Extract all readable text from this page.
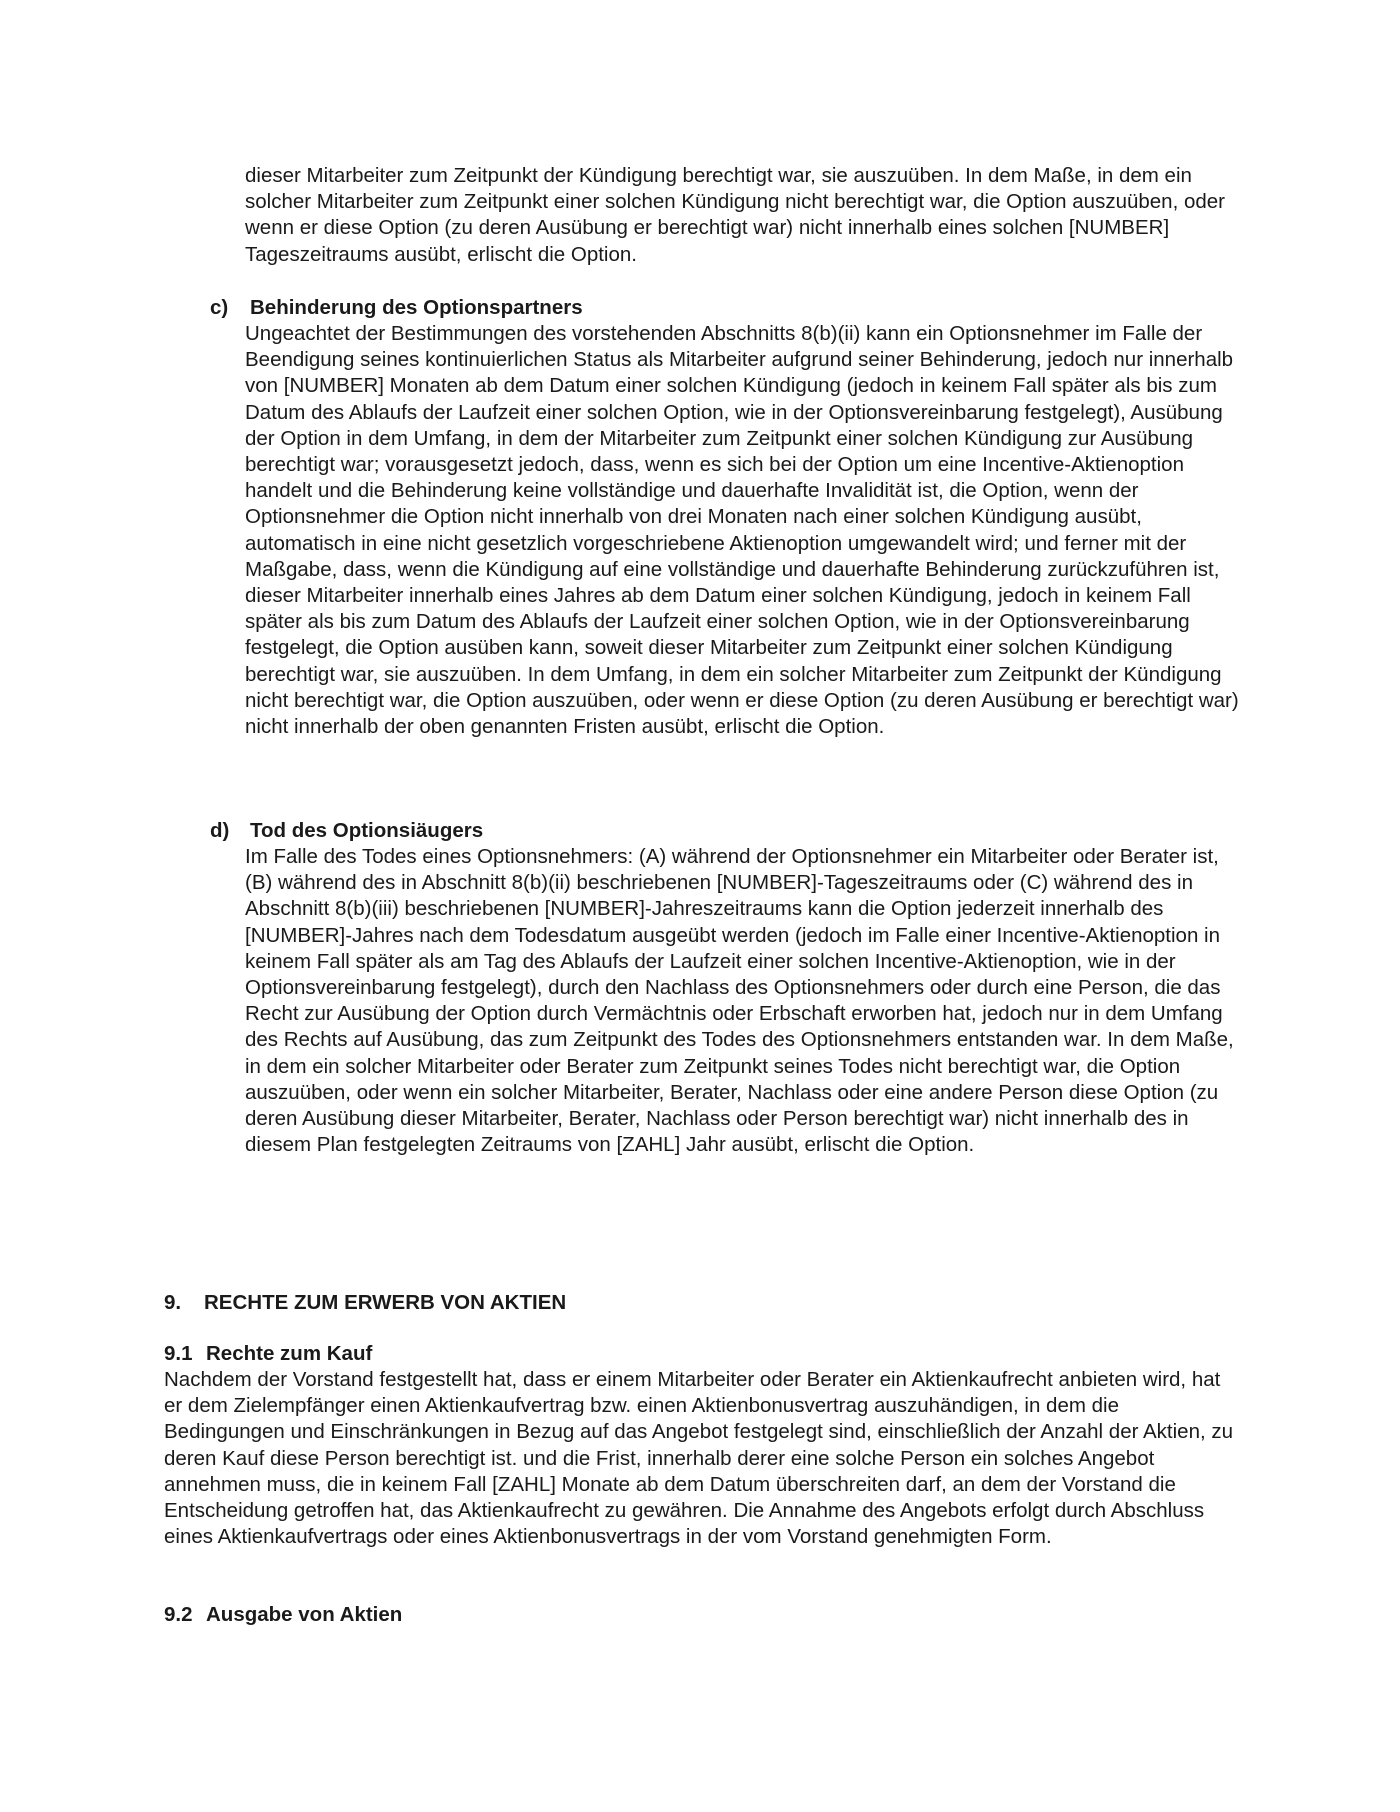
dieser Mitarbeiter zum Zeitpunkt der Kündigung berechtigt war, sie auszuüben. In dem Maße, in dem ein solcher Mitarbeiter zum Zeitpunkt einer solchen Kündigung nicht berechtigt war, die Option auszuüben, oder wenn er diese Option (zu deren Ausübung er berechtigt war) nicht innerhalb eines solchen [NUMBER] Tageszeitraums ausübt, erlischt die Option.

c) Behinderung des Optionspartners

Ungeachtet der Bestimmungen des vorstehenden Abschnitts 8(b)(ii) kann ein Optionsnehmer im Falle der Beendigung seines kontinuierlichen Status als Mitarbeiter aufgrund seiner Behinderung, jedoch nur innerhalb von [NUMBER] Monaten ab dem Datum einer solchen Kündigung (jedoch in keinem Fall später als bis zum Datum des Ablaufs der Laufzeit einer solchen Option, wie in der Optionsvereinbarung festgelegt), Ausübung der Option in dem Umfang, in dem der Mitarbeiter zum Zeitpunkt einer solchen Kündigung zur Ausübung berechtigt war; vorausgesetzt jedoch, dass, wenn es sich bei der Option um eine Incentive-Aktienoption handelt und die Behinderung keine vollständige und dauerhafte Invalidität ist, die Option, wenn der Optionsnehmer die Option nicht innerhalb von drei Monaten nach einer solchen Kündigung ausübt, automatisch in eine nicht gesetzlich vorgeschriebene Aktienoption umgewandelt wird; und ferner mit der Maßgabe, dass, wenn die Kündigung auf eine vollständige und dauerhafte Behinderung zurückzuführen ist, dieser Mitarbeiter innerhalb eines Jahres ab dem Datum einer solchen Kündigung, jedoch in keinem Fall später als bis zum Datum des Ablaufs der Laufzeit einer solchen Option, wie in der Optionsvereinbarung festgelegt, die Option ausüben kann, soweit dieser Mitarbeiter zum Zeitpunkt einer solchen Kündigung berechtigt war, sie auszuüben. In dem Umfang, in dem ein solcher Mitarbeiter zum Zeitpunkt der Kündigung nicht berechtigt war, die Option auszuüben, oder wenn er diese Option (zu deren Ausübung er berechtigt war) nicht innerhalb der oben genannten Fristen ausübt, erlischt die Option.

d) Tod des Optionsiäugers

Im Falle des Todes eines Optionsnehmers: (A) während der Optionsnehmer ein Mitarbeiter oder Berater ist, (B) während des in Abschnitt 8(b)(ii) beschriebenen [NUMBER]-Tageszeitraums oder (C) während des in Abschnitt 8(b)(iii) beschriebenen [NUMBER]-Jahreszeitraums kann die Option jederzeit innerhalb des [NUMBER]-Jahres nach dem Todesdatum ausgeübt werden (jedoch im Falle einer Incentive-Aktienoption in keinem Fall später als am Tag des Ablaufs der Laufzeit einer solchen Incentive-Aktienoption, wie in der Optionsvereinbarung festgelegt), durch den Nachlass des Optionsnehmers oder durch eine Person, die das Recht zur Ausübung der Option durch Vermächtnis oder Erbschaft erworben hat, jedoch nur in dem Umfang des Rechts auf Ausübung, das zum Zeitpunkt des Todes des Optionsnehmers entstanden war. In dem Maße, in dem ein solcher Mitarbeiter oder Berater zum Zeitpunkt seines Todes nicht berechtigt war, die Option auszuüben, oder wenn ein solcher Mitarbeiter, Berater, Nachlass oder eine andere Person diese Option (zu deren Ausübung dieser Mitarbeiter, Berater, Nachlass oder Person berechtigt war) nicht innerhalb des in diesem Plan festgelegten Zeitraums von [ZAHL] Jahr ausübt, erlischt die Option.

9. RECHTE ZUM ERWERB VON AKTIEN
9.1 Rechte zum Kauf

Nachdem der Vorstand festgestellt hat, dass er einem Mitarbeiter oder Berater ein Aktienkaufrecht anbieten wird, hat er dem Zielempfänger einen Aktienkaufvertrag bzw. einen Aktienbonusvertrag auszuhändigen, in dem die Bedingungen und Einschränkungen in Bezug auf das Angebot festgelegt sind, einschließlich der Anzahl der Aktien, zu deren Kauf diese Person berechtigt ist. und die Frist, innerhalb derer eine solche Person ein solches Angebot annehmen muss, die in keinem Fall [ZAHL] Monate ab dem Datum überschreiten darf, an dem der Vorstand die Entscheidung getroffen hat, das Aktienkaufrecht zu gewähren. Die Annahme des Angebots erfolgt durch Abschluss eines Aktienkaufvertrags oder eines Aktienbonusvertrags in der vom Vorstand genehmigten Form.

9.2 Ausgabe von Aktien
